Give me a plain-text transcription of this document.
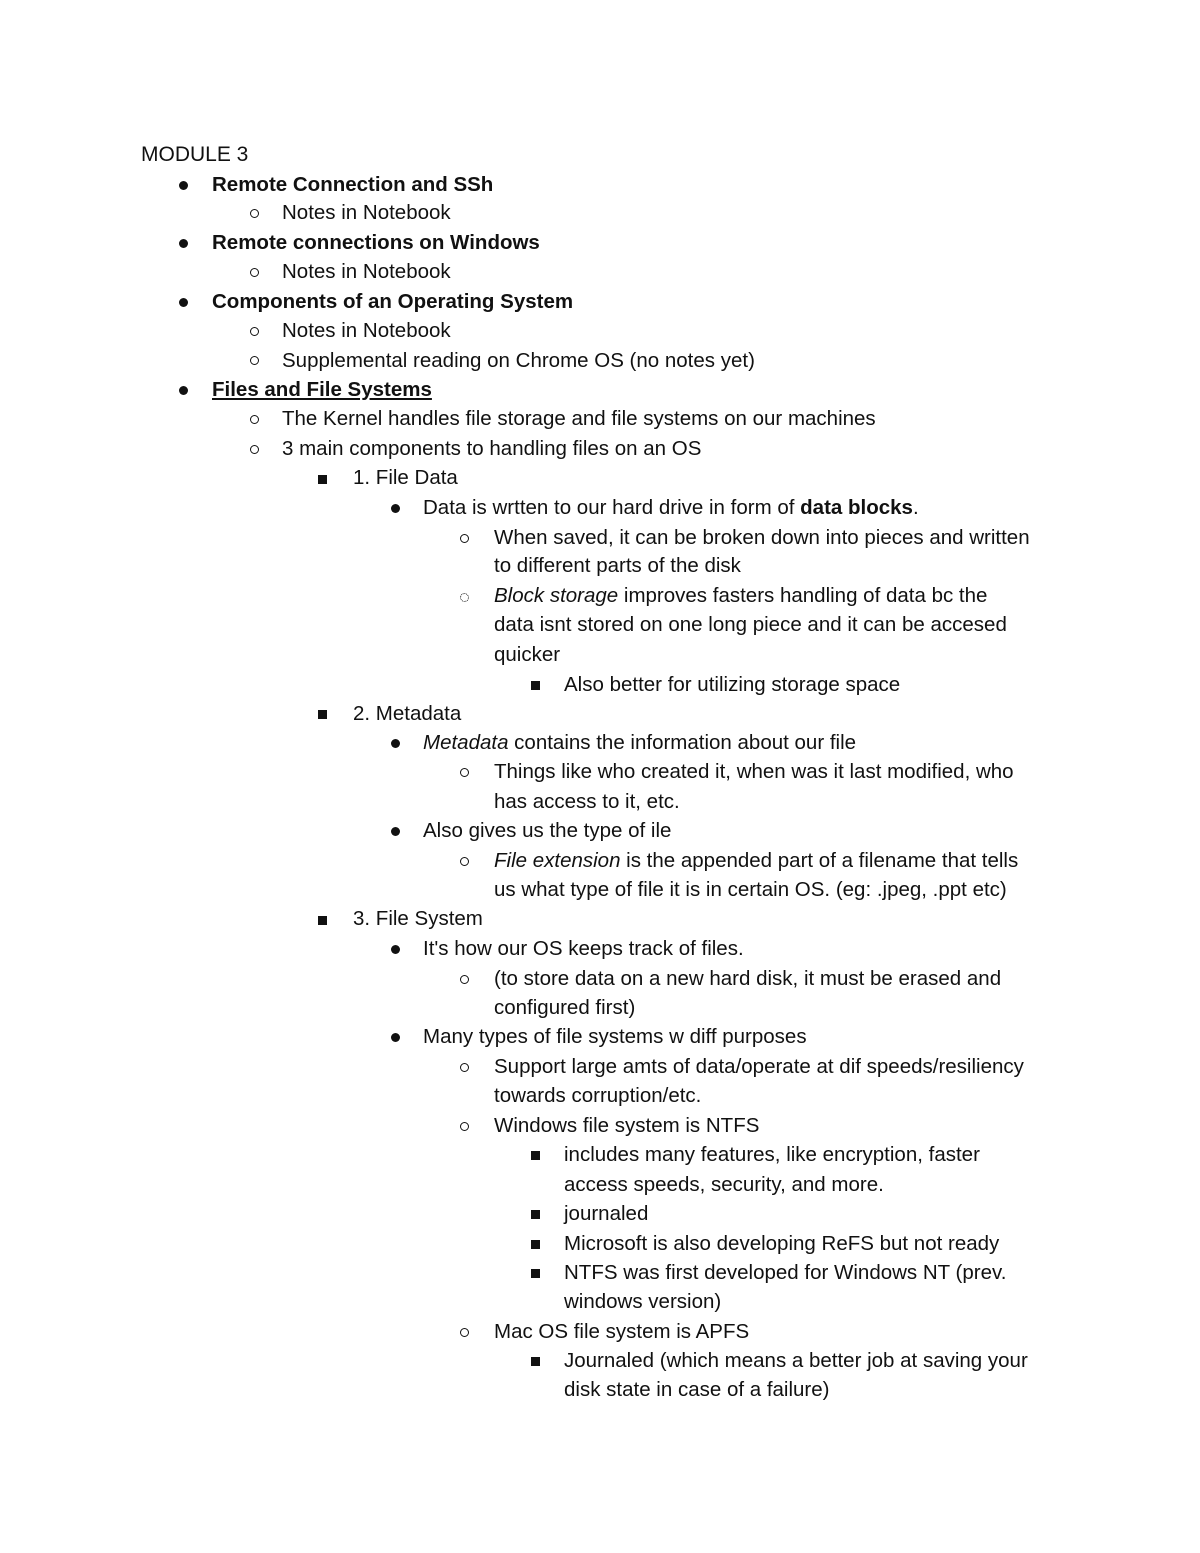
MODULE 3
Remote Connection and SSh
Notes in Notebook
Remote connections on Windows
Notes in Notebook
Components of an Operating System
Notes in Notebook
Supplemental reading on Chrome OS (no notes yet)
Files and File Systems
The Kernel handles file storage and file systems on our machines
3 main components to handling files on an OS
1. File Data
Data is wrtten to our hard drive in form of data blocks.
When saved, it can be broken down into pieces and written
to different parts of the disk
Block storage improves fasters handling of data bc the
data isnt stored on one long piece and it can be accesed
quicker
Also better for utilizing storage space
2. Metadata
Metadata contains the information about our file
Things like who created it, when was it last modified, who
has access to it, etc.
Also gives us the type of ile
File extension is the appended part of a filename that tells
us what type of file it is in certain OS. (eg: .jpeg, .ppt etc)
3. File System
It's how our OS keeps track of files.
(to store data on a new hard disk, it must be erased and
configured first)
Many types of file systems w diff purposes
Support large amts of data/operate at dif speeds/resiliency
towards corruption/etc.
Windows file system is NTFS
includes many features, like encryption, faster
access speeds, security, and more.
journaled
Microsoft is also developing ReFS but not ready
NTFS was first developed for Windows NT (prev.
windows version)
Mac OS file system is APFS
Journaled (which means a better job at saving your
disk state in case of a failure)
